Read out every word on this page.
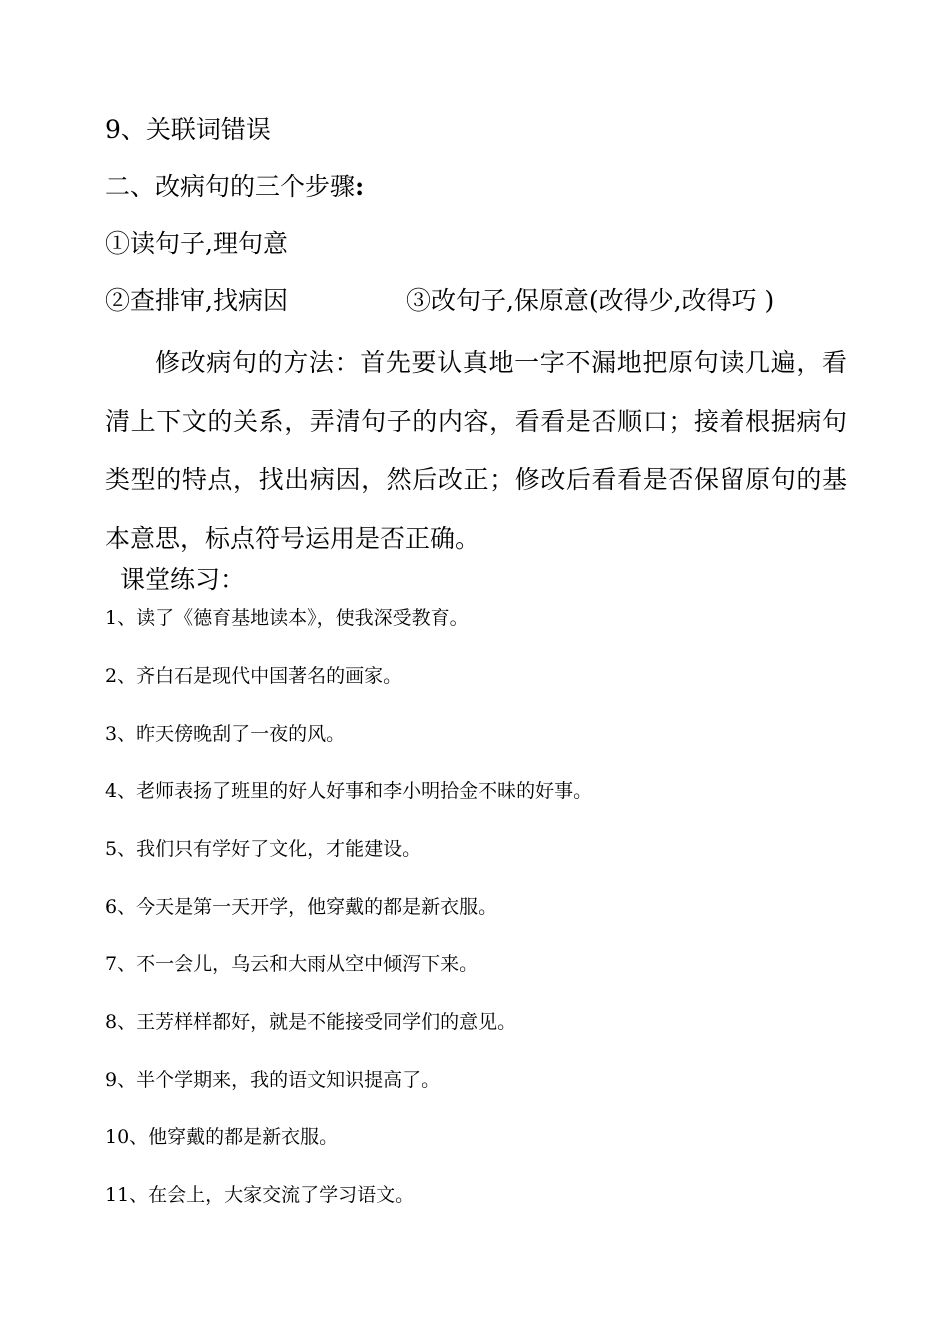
9、关联词错误

二、改病句的三个步骤:

①读句子,理句意

②查排审,找病因	③改句子,保原意(改得少,改得巧 )

修改病句的方法：首先要认真地一字不漏地把原句读几遍，看清上下文的关系，弄清句子的内容，看看是否顺口；接着根据病句类型的特点，找出病因，然后改正；修改后看看是否保留原句的基本意思，标点符号运用是否正确。

课堂练习：

1、读了《德育基地读本》，使我深受教育。

2、齐白石是现代中国著名的画家。

3、昨天傍晚刮了一夜的风。

4、老师表扬了班里的好人好事和李小明拾金不昧的好事。

5、我们只有学好了文化，才能建设。

6、今天是第一天开学，他穿戴的都是新衣服。

7、不一会儿，乌云和大雨从空中倾泻下来。

8、王芳样样都好，就是不能接受同学们的意见。

9、半个学期来，我的语文知识提高了。

10、他穿戴的都是新衣服。

11、在会上，大家交流了学习语文。
